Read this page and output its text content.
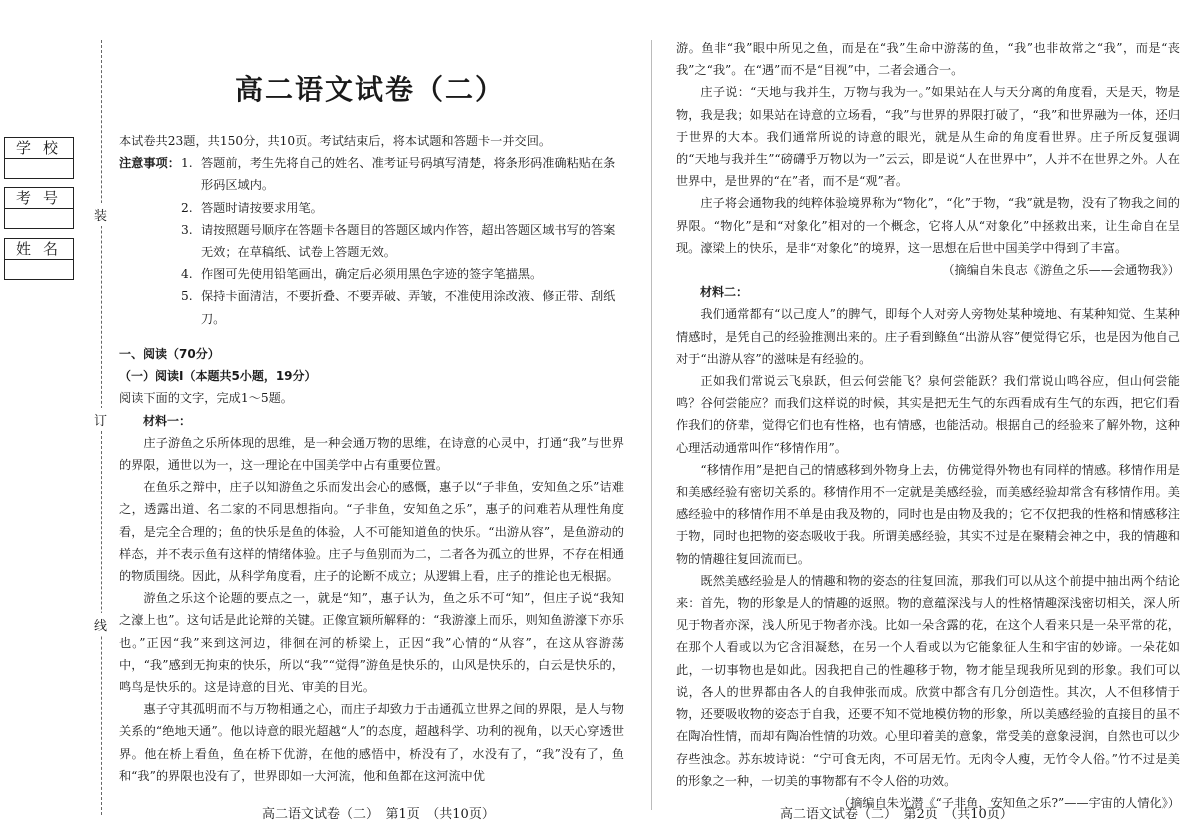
装
订
线
学校
考号
姓名
高二语文试卷（二）

本试卷共23题，共150分，共10页。考试结束后，将本试题和答题卡一并交回。

注意事项： 1. 答题前，考生先将自己的姓名、准考证号码填写清楚，将条形码准确粘贴在条形码区域内。
2. 答题时请按要求用笔。
3. 请按照题号顺序在答题卡各题目的答题区域内作答，超出答题区域书写的答案无效；在草稿纸、试卷上答题无效。
4. 作图可先使用铅笔画出，确定后必须用黑色字迹的签字笔描黑。
5. 保持卡面清洁，不要折叠、不要弄破、弄皱，不准使用涂改液、修正带、刮纸刀。
一、阅读（70分）
（一）阅读Ⅰ（本题共5小题，19分）
阅读下面的文字，完成1～5题。

材料一：

庄子游鱼之乐所体现的思维，是一种会通万物的思维，在诗意的心灵中，打通“我”与世界的界限，通世以为一，这一理论在中国美学中占有重要位置。

在鱼乐之辩中，庄子以知游鱼之乐而发出会心的感慨，惠子以“子非鱼，安知鱼之乐”诘难之，透露出道、名二家的不同思想指向。“子非鱼，安知鱼之乐”，惠子的问难若从理性角度看，是完全合理的；鱼的快乐是鱼的体验，人不可能知道鱼的快乐。“出游从容”，是鱼游动的样态，并不表示鱼有这样的情绪体验。庄子与鱼别而为二，二者各为孤立的世界，不存在相通的物质围绕。因此，从科学角度看，庄子的论断不成立；从逻辑上看，庄子的推论也无根据。

游鱼之乐这个论题的要点之一，就是“知”，惠子认为，鱼之乐不可“知”，但庄子说“我知之濠上也”。这句话是此论辩的关键。正像宣颖所解释的：“我游濠上而乐，则知鱼游濠下亦乐也。”正因“我”来到这河边，徘徊在河的桥梁上，正因“我”心情的“从容”，在这从容游荡中，“我”感到无拘束的快乐，所以“我”“觉得”游鱼是快乐的，山风是快乐的，白云是快乐的，鸣鸟是快乐的。这是诗意的目光、审美的目光。

惠子守其孤明而不与万物相通之心，而庄子却致力于击通孤立世界之间的界限，是人与物关系的“绝地天通”。他以诗意的眼光超越“人”的态度，超越科学、功利的视角，以天心穿透世界。他在桥上看鱼，鱼在桥下优游，在他的感悟中，桥没有了，水没有了，“我”没有了，鱼和“我”的界限也没有了，世界即如一大河流，他和鱼都在这河流中优

高二语文试卷（二）　第1页　（共10页）

游。鱼非“我”眼中所见之鱼，而是在“我”生命中游荡的鱼，“我”也非故常之“我”，而是“丧我”之“我”。在“遇”而不是“目视”中，二者会通合一。

庄子说：“天地与我并生，万物与我为一。”如果站在人与天分离的角度看，天是天，物是物，我是我；如果站在诗意的立场看，“我”与世界的界限打破了，“我”和世界融为一体，还归于世界的大本。我们通常所说的诗意的眼光，就是从生命的角度看世界。庄子所反复强调的“天地与我并生”“磅礴乎万物以为一”云云，即是说“人在世界中”，人并不在世界之外。人在世界中，是世界的“在”者，而不是“观”者。

庄子将会通物我的纯粹体验境界称为“物化”，“化”于物，“我”就是物，没有了物我之间的界限。“物化”是和“对象化”相对的一个概念，它将人从“对象化”中拯救出来，让生命自在呈现。濠梁上的快乐，是非“对象化”的境界，这一思想在后世中国美学中得到了丰富。

（摘编自朱良志《游鱼之乐——会通物我》）

材料二：

我们通常都有“以己度人”的脾气，即每个人对旁人旁物处某种境地、有某种知觉、生某种情感时，是凭自己的经验推测出来的。庄子看到鲦鱼“出游从容”便觉得它乐，也是因为他自己对于“出游从容”的滋味是有经验的。

正如我们常说云飞泉跃，但云何尝能飞？泉何尝能跃？我们常说山鸣谷应，但山何尝能鸣？谷何尝能应？而我们这样说的时候，其实是把无生气的东西看成有生气的东西，把它们看作我们的侪辈，觉得它们也有性格，也有情感，也能活动。根据自己的经验来了解外物，这种心理活动通常叫作“移情作用”。

“移情作用”是把自己的情感移到外物身上去，仿佛觉得外物也有同样的情感。移情作用是和美感经验有密切关系的。移情作用不一定就是美感经验，而美感经验却常含有移情作用。美感经验中的移情作用不单是由我及物的，同时也是由物及我的；它不仅把我的性格和情感移注于物，同时也把物的姿态吸收于我。所谓美感经验，其实不过是在聚精会神之中，我的情趣和物的情趣往复回流而已。

既然美感经验是人的情趣和物的姿态的往复回流，那我们可以从这个前提中抽出两个结论来：首先，物的形象是人的情趣的返照。物的意蕴深浅与人的性格情趣深浅密切相关，深人所见于物者亦深，浅人所见于物者亦浅。比如一朵含露的花，在这个人看来只是一朵平常的花，在那个人看或以为它含泪凝愁，在另一个人看或以为它能象征人生和宇宙的妙谛。一朵花如此，一切事物也是如此。因我把自己的性趣移于物，物才能呈现我所见到的形象。我们可以说，各人的世界都由各人的自我伸张而成。欣赏中都含有几分创造性。其次，人不但移情于物，还要吸收物的姿态于自我，还要不知不觉地模仿物的形象，所以美感经验的直接目的虽不在陶冶性情，而却有陶冶性情的功效。心里印着美的意象，常受美的意象浸润，自然也可以少存些浊念。苏东坡诗说：“宁可食无肉，不可居无竹。无肉令人瘦，无竹令人俗。”竹不过是美的形象之一种，一切美的事物都有不令人俗的功效。

（摘编自朱光潜《“子非鱼，安知鱼之乐?”——宇宙的人情化》）

高二语文试卷（二）　第2页　（共10页）
